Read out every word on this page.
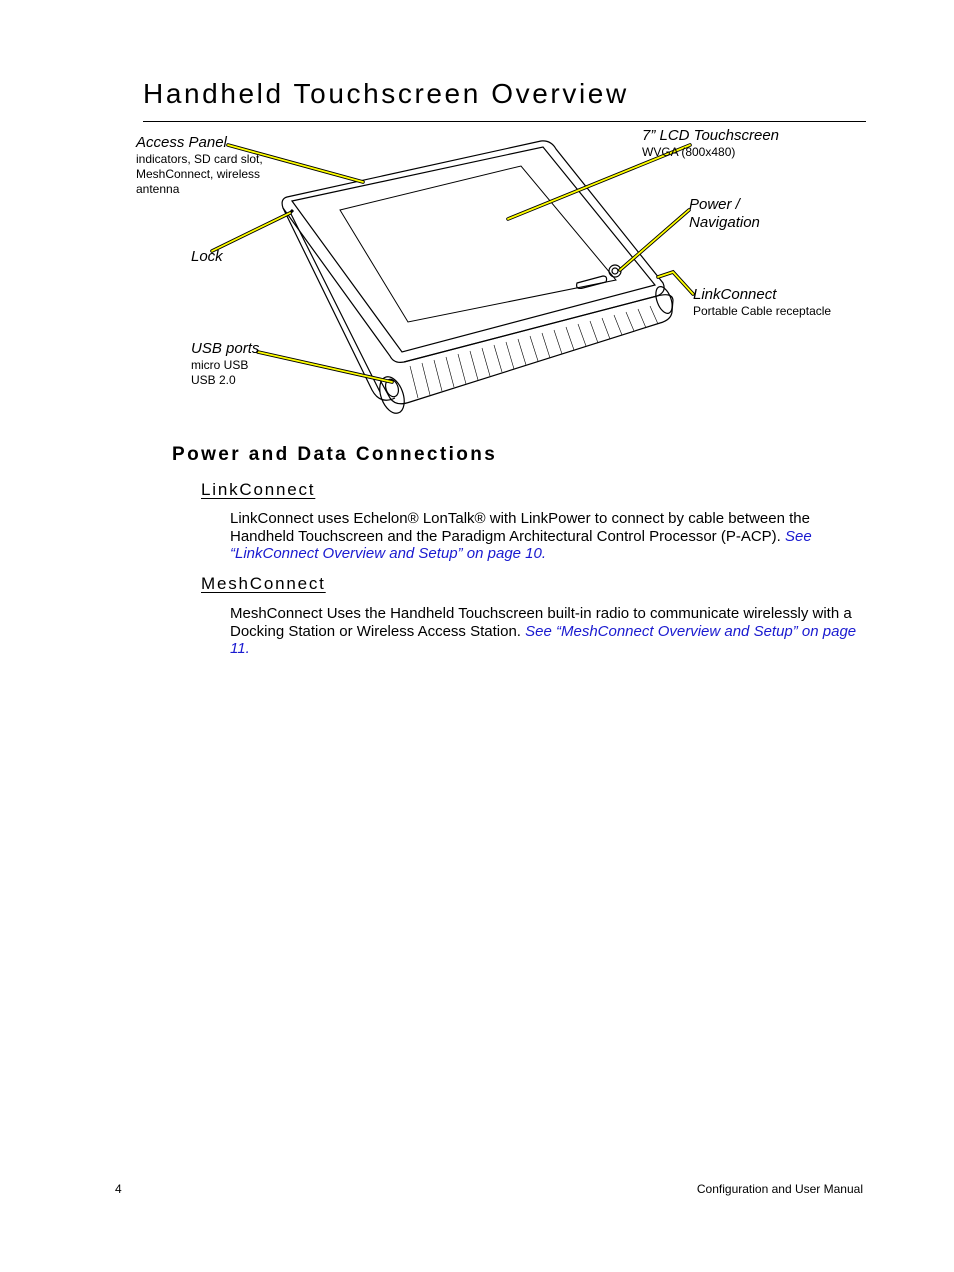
Handheld Touchscreen Overview
Access Panel
indicators, SD card slot,
MeshConnect, wireless
antenna
7” LCD Touchscreen
WVGA (800x480)
Power /
Navigation
Lock
LinkConnect
Portable Cable receptacle
USB ports
micro USB
USB 2.0
Power and Data Connections
LinkConnect

LinkConnect uses Echelon® LonTalk® with LinkPower to connect by cable between the Handheld Touchscreen and the Paradigm Architectural Control Processor (P-ACP). See “LinkConnect Overview and Setup” on page 10.

MeshConnect

MeshConnect Uses the Handheld Touchscreen built-in radio to communicate wirelessly with a Docking Station or Wireless Access Station. See “MeshConnect Overview and Setup” on page 11.

4	Configuration and User Manual
